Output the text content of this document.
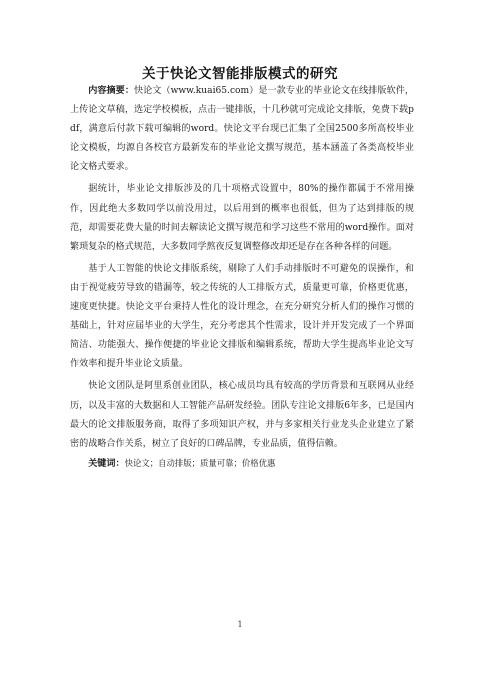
关于快论文智能排版模式的研究

内容摘要：快论文（www.kuai65.com）是一款专业的毕业论文在线排版软件，上传论文草稿，选定学校模板，点击一键排版，十几秒就可完成论文排版，免费下载pdf，满意后付款下载可编辑的word。快论文平台现已汇集了全国2500多所高校毕业论文模板，均源自各校官方最新发布的毕业论文撰写规范，基本涵盖了各类高校毕业论文格式要求。

据统计，毕业论文排版涉及的几十项格式设置中，80%的操作都属于不常用操作，因此绝大多数同学以前没用过，以后用到的概率也很低，但为了达到排版的规范，却需要花费大量的时间去解读论文撰写规范和学习这些不常用的word操作。面对繁琐复杂的格式规范，大多数同学熬夜反复调整修改却还是存在各种各样的问题。

基于人工智能的快论文排版系统，剔除了人们手动排版时不可避免的误操作，和由于视觉疲劳导致的错漏等，较之传统的人工排版方式，质量更可靠，价格更优惠，速度更快捷。快论文平台秉持人性化的设计理念，在充分研究分析人们的操作习惯的基础上，针对应届毕业的大学生，充分考虑其个性需求，设计并开发完成了一个界面简洁、功能强大、操作便捷的毕业论文排版和编辑系统，帮助大学生提高毕业论文写作效率和提升毕业论文质量。

快论文团队是阿里系创业团队，核心成员均具有较高的学历背景和互联网从业经历，以及丰富的大数据和人工智能产品研发经验。团队专注论文排版6年多，已是国内最大的论文排版服务商，取得了多项知识产权，并与多家相关行业龙头企业建立了紧密的战略合作关系，树立了良好的口碑品牌，专业品质，值得信赖。

关键词：快论文；自动排版；质量可靠；价格优惠

1
